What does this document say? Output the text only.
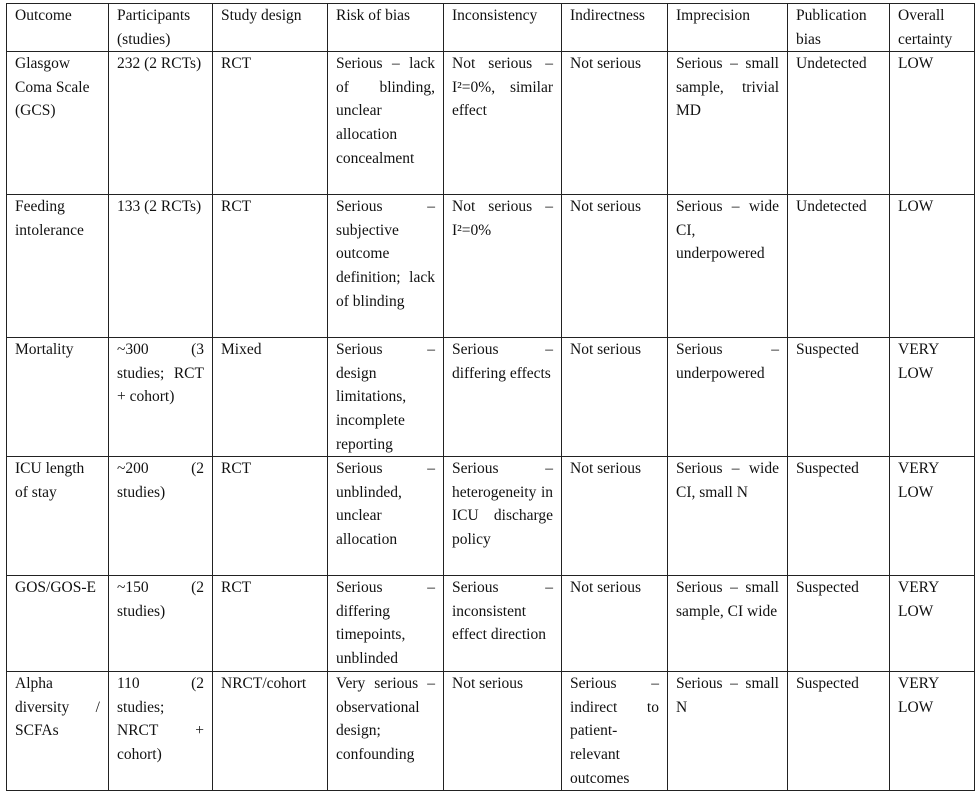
Outcome	Participants (studies)	Study design	Risk of bias	Inconsistency	Indirectness	Imprecision	Publication bias	Overall certainty
Glasgow Coma Scale (GCS)	232 (2 RCTs)	RCT	Serious – lack of blinding, unclear allocation concealment	Not serious – I²=0%, similar effect	Not serious	Serious – small sample, trivial MD	Undetected	LOW
Feeding intolerance	133 (2 RCTs)	RCT	Serious – subjective outcome definition; lack of blinding	Not serious – I²=0%	Not serious	Serious – wide CI, underpowered	Undetected	LOW
Mortality	~300 (3 studies; RCT + cohort)	Mixed	Serious – design limitations, incomplete reporting	Serious – differing effects	Not serious	Serious – underpowered	Suspected	VERY LOW
ICU length of stay	~200 (2 studies)	RCT	Serious – unblinded, unclear allocation	Serious – heterogeneity in ICU discharge policy	Not serious	Serious – wide CI, small N	Suspected	VERY LOW
GOS/GOS-E	~150 (2 studies)	RCT	Serious – differing timepoints, unblinded	Serious – inconsistent effect direction	Not serious	Serious – small sample, CI wide	Suspected	VERY LOW
Alpha diversity / SCFAs	110 (2 studies; NRCT + cohort)	NRCT/cohort	Very serious – observational design; confounding	Not serious	Serious – indirect to patient-relevant outcomes	Serious – small N	Suspected	VERY LOW
